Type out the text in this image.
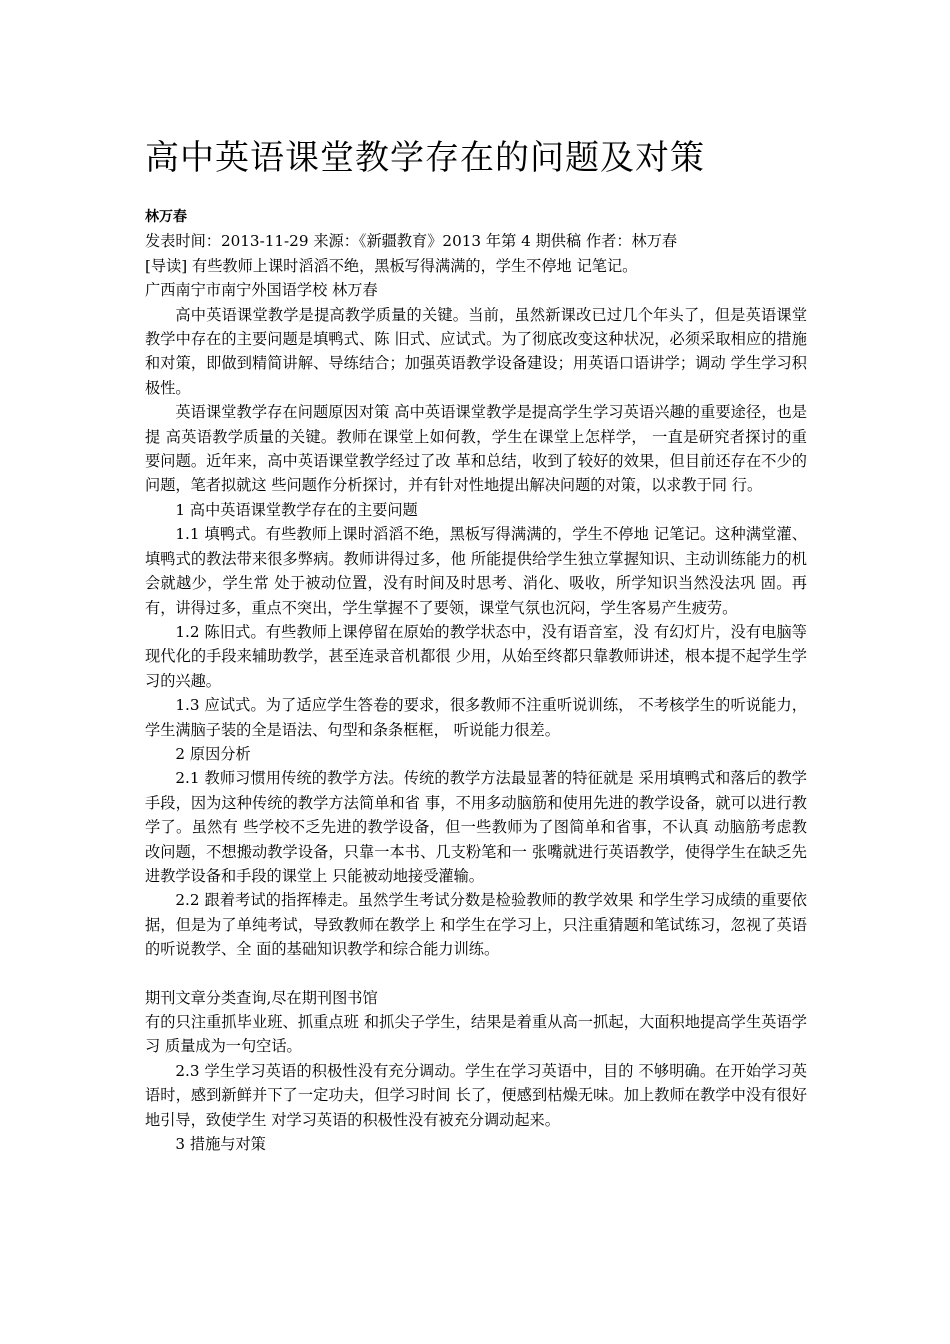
高中英语课堂教学存在的问题及对策

林万春

发表时间：2013-11-29 来源：《新疆教育》2013 年第 4 期供稿 作者：林万春

[导读] 有些教师上课时滔滔不绝，黑板写得满满的，学生不停地 记笔记。

广西南宁市南宁外国语学校 林万春

高中英语课堂教学是提高教学质量的关键。当前，虽然新课改已过几个年头了，但是英语课堂教学中存在的主要问题是填鸭式、陈 旧式、应试式。为了彻底改变这种状况，必须采取相应的措施和对策，即做到精简讲解、导练结合；加强英语教学设备建设；用英语口语讲学；调动 学生学习积极性。

英语课堂教学存在问题原因对策 高中英语课堂教学是提高学生学习英语兴趣的重要途径，也是提 高英语教学质量的关键。教师在课堂上如何教，学生在课堂上怎样学， 一直是研究者探讨的重要问题。近年来，高中英语课堂教学经过了改 革和总结，收到了较好的效果，但目前还存在不少的问题，笔者拟就这 些问题作分析探讨，并有针对性地提出解决问题的对策，以求教于同 行。

1 高中英语课堂教学存在的主要问题

1.1 填鸭式。有些教师上课时滔滔不绝，黑板写得满满的，学生不停地 记笔记。这种满堂灌、填鸭式的教法带来很多弊病。教师讲得过多，他 所能提供给学生独立掌握知识、主动训练能力的机会就越少，学生常 处于被动位置，没有时间及时思考、消化、吸收，所学知识当然没法巩 固。再有，讲得过多，重点不突出，学生掌握不了要领，课堂气氛也沉闷，学生客易产生疲劳。

1.2 陈旧式。有些教师上课停留在原始的教学状态中，没有语音室，没 有幻灯片，没有电脑等现代化的手段来辅助教学，甚至连录音机都很 少用，从始至终都只靠教师讲述，根本提不起学生学习的兴趣。

1.3 应试式。为了适应学生答卷的要求，很多教师不注重听说训练， 不考核学生的听说能力，学生满脑子装的全是语法、句型和条条框框， 听说能力很差。

2 原因分析

2.1 教师习惯用传统的教学方法。传统的教学方法最显著的特征就是 采用填鸭式和落后的教学手段，因为这种传统的教学方法简单和省 事，不用多动脑筋和使用先进的教学设备，就可以进行教学了。虽然有 些学校不乏先进的教学设备，但一些教师为了图简单和省事，不认真 动脑筋考虑教改问题，不想搬动教学设备，只靠一本书、几支粉笔和一 张嘴就进行英语教学，使得学生在缺乏先进教学设备和手段的课堂上 只能被动地接受灌输。

2.2 跟着考试的指挥棒走。虽然学生考试分数是检验教师的教学效果 和学生学习成绩的重要依据，但是为了单纯考试，导致教师在教学上 和学生在学习上，只注重猜题和笔试练习，忽视了英语的听说教学、全 面的基础知识教学和综合能力训练。

期刊文章分类查询,尽在期刊图书馆

有的只注重抓毕业班、抓重点班 和抓尖子学生，结果是着重从高一抓起，大面积地提高学生英语学习 质量成为一句空话。

2.3 学生学习英语的积极性没有充分调动。学生在学习英语中，目的 不够明确。在开始学习英语时，感到新鲜并下了一定功夫，但学习时间 长了，便感到枯燥无味。加上教师在教学中没有很好地引导，致使学生 对学习英语的积极性没有被充分调动起来。

3 措施与对策
